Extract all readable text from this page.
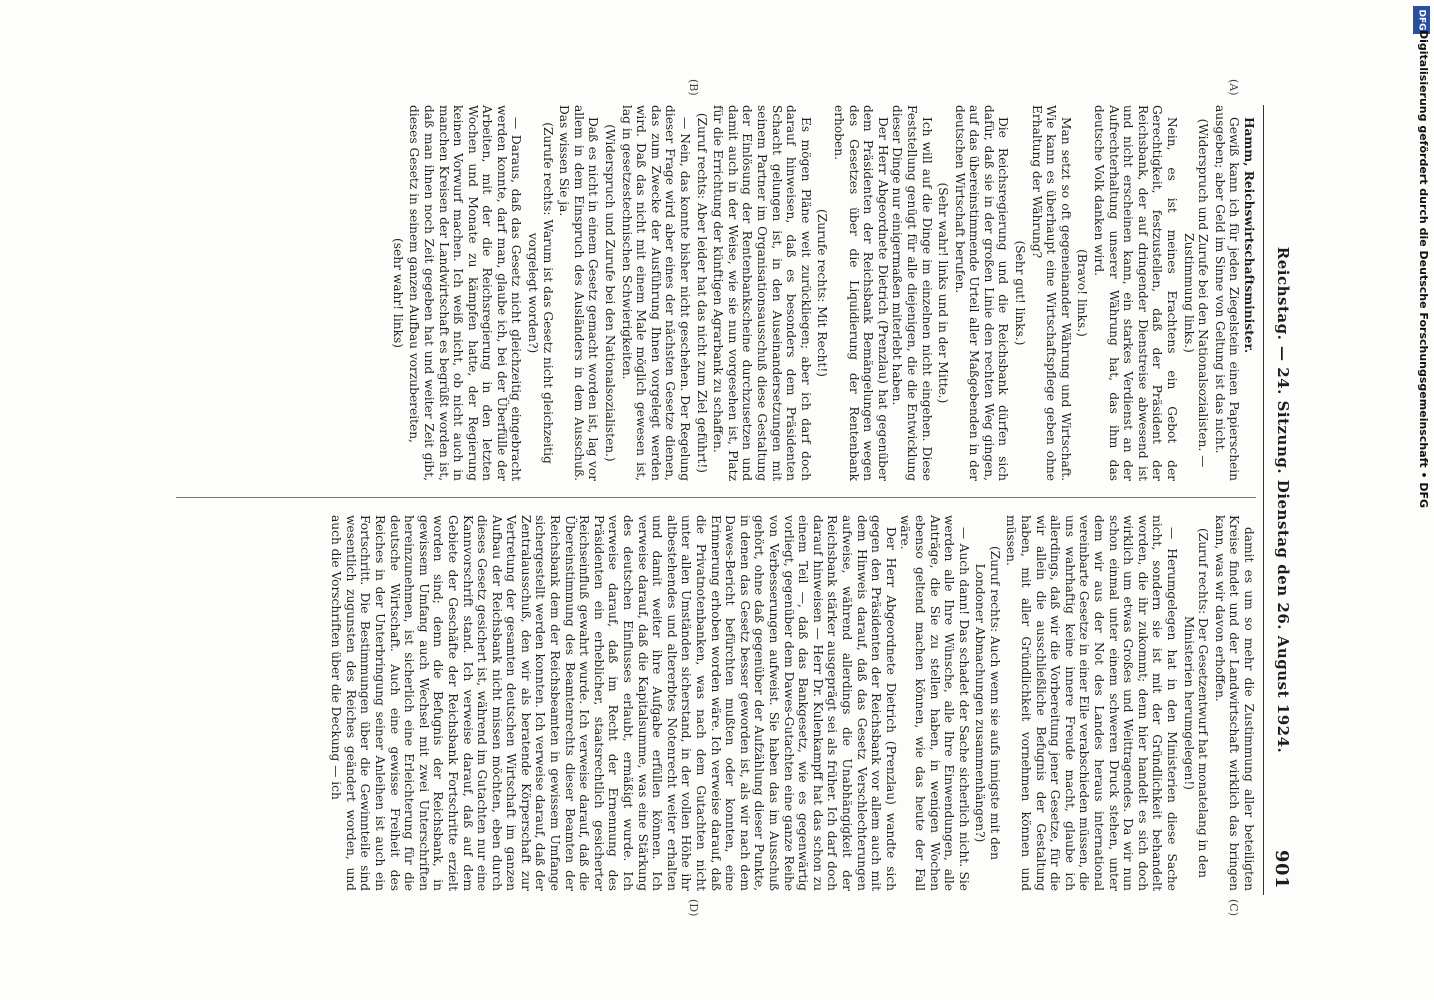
Reichstag. — 24. Sitzung. Dienstag den 26. August 1924.
901
(A)
(B)
(C)
(D)

Hamm, Reichswirtschaftsminister.

Gewiß kann ich für jeden Ziegelstein einen Papierschein ausgeben; aber Geld im Sinne von Geltung ist das nicht.

(Widerspruch und Zurufe bei den Nationalsozialisten. — Zustimmung links.)

Nein, es ist meines Erachtens ein Gebot der Gerechtigkeit, festzustellen, daß der Präsident der Reichsbank, der auf dringender Dienstreise abwesend ist und nicht erscheinen kann, ein starkes Verdienst an der Aufrechterhaltung unserer Währung hat, das ihm das deutsche Volk danken wird.

(Bravo! links.)

Man setzt so oft gegeneinander Währung und Wirtschaft. Wie kann es überhaupt eine Wirtschaftspflege geben ohne Erhaltung der Währung?

(Sehr gut! links.)

Die Reichsregierung und die Reichsbank dürfen sich dafür, daß sie in der großen Linie den rechten Weg gingen, auf das übereinstimmende Urteil aller Maßgebenden in der deutschen Wirtschaft berufen.

(Sehr wahr! links und in der Mitte.)

Ich will auf die Dinge im einzelnen nicht eingehen. Diese Feststellung genügt für alle diejenigen, die die Entwicklung dieser Dinge nur einigermaßen miterlebt haben.

Der Herr Abgeordnete Dietrich (Prenzlau) hat gegenüber dem Präsidenten der Reichsbank Bemängelungen wegen des Gesetzes über die Liquidierung der Rentenbank erhoben.

(Zurufe rechts: Mit Recht!)

Es mögen Pläne weit zurückliegen; aber ich darf doch darauf hinweisen, daß es besonders dem Präsidenten Schacht gelungen ist, in den Auseinandersetzungen mit seinem Partner im Organisationsausschuß diese Gestaltung der Einlösung der Rentenbankscheine durchzusetzen und damit auch in der Weise, wie sie nun vorgesehen ist, Platz für die Errichtung der künftigen Agrarbank zu schaffen.

(Zuruf rechts: Aber leider hat das nicht zum Ziel geführt!)

— Nein, das konnte bisher nicht geschehen. Der Regelung dieser Frage wird aber eines der nächsten Gesetze dienen, das zum Zwecke der Ausführung Ihnen vorgelegt werden wird. Daß das nicht mit einem Male möglich gewesen ist, lag in gesetzestechnischen Schwierigkeiten.

(Widerspruch und Zurufe bei den Nationalsozialisten.)

Daß es nicht in einem Gesetz gemacht worden ist, lag vor allem in dem Einspruch des Ausländers in dem Ausschuß. Das wissen Sie ja.

(Zurufe rechts: Warum ist das Gesetz nicht gleichzeitig vorgelegt worden?)

— Daraus, daß das Gesetz nicht gleichzeitig eingebracht werden konnte, darf man, glaube ich, bei der Überfülle der Arbeiten, mit der die Reichsregierung in den letzten Wochen und Monate zu kämpfen hatte, der Regierung keinen Vorwurf machen. Ich weiß nicht, ob nicht auch in manchen Kreisen der Landwirtschaft es begrüßt worden ist, daß man ihnen noch Zeit gegeben hat und weiter Zeit gibt, dieses Gesetz in seinem ganzen Aufbau vorzubereiten,

(sehr wahr! links)

damit es um so mehr die Zustimmung aller beteiligten Kreise findet und der Landwirtschaft wirklich das bringen kann, was wir davon erhoffen.

(Zuruf rechts: Der Gesetzentwurf hat monatelang in den Ministerien herumgelegen!)

— Herumgelegen hat in den Ministerien diese Sache nicht, sondern sie ist mit der Gründlichkeit behandelt worden, die ihr zukommt; denn hier handelt es sich doch wirklich um etwas Großes und Weittragendes. Da wir nun schon einmal unter einem schweren Druck stehen, unter dem wir aus der Not des Landes heraus international vereinbarte Gesetze in einer Eile verabschieden müssen, die uns wahrhaftig keine innere Freude macht, glaube ich allerdings, daß wir die Vorbereitung jener Gesetze, für die wir allein die ausschließliche Befugnis der Gestaltung haben, mit aller Gründlichkeit vornehmen können und müssen.

(Zuruf rechts: Auch wenn sie aufs innigste mit den Londoner Abmachungen zusammenhängen?)

— Auch dann! Das schadet der Sache sicherlich nicht. Sie werden alle Ihre Wünsche, alle Ihre Einwendungen, alle Anträge, die Sie zu stellen haben, in wenigen Wochen ebenso geltend machen können, wie das heute der Fall wäre.

Der Herr Abgeordnete Dietrich (Prenzlau) wandte sich gegen den Präsidenten der Reichsbank vor allem auch mit dem Hinweis darauf, daß das Gesetz Verschlechterungen aufweise, während allerdings die Unabhängigkeit der Reichsbank stärker ausgeprägt sei als früher. Ich darf doch darauf hinweisen — Herr Dr. Kulenkampff hat das schon zu einem Teil —, daß das Bankgesetz, wie es gegenwärtig vorliegt, gegenüber dem Dawes-Gutachten eine ganze Reihe von Verbesserungen aufweist. Sie haben das im Ausschuß gehört, ohne daß gegenüber der Aufzählung dieser Punkte, in denen das Gesetz besser geworden ist, als wir nach dem Dawes-Bericht befürchten mußten oder konnten, eine Erinnerung erhoben worden wäre. Ich verweise darauf, daß die Privatnotenbanken, was nach dem Gutachten nicht unter allen Umständen sicherstand, in der vollen Höhe ihr altbestehendes und altererbtes Notenrecht weiter erhalten und damit weiter ihre Aufgabe erfüllen können. Ich verweise darauf, daß die Kapitalsumme, was eine Stärkung des deutschen Einflusses erlaubt, ermäßigt wurde. Ich verweise darauf, daß im Recht der Ernennung des Präsidenten ein erheblicher, staatsrechtlich gesicherter Reichseinfluß gewahrt wurde. Ich verweise darauf, daß die Übereinstimmung des Beamtenrechts dieser Beamten der Reichsbank dem der Reichsbeamten in gewissem Umfange sichergestellt werden konnten. Ich verweise darauf, daß der Zentralausschuß, den wir als beratende Körperschaft zur Vertretung der gesamten deutschen Wirtschaft im ganzen Aufbau der Reichsbank nicht missen möchten, eben durch dieses Gesetz gesichert ist, während im Gutachten nur eine Kannvorschrift stand. Ich verweise darauf, daß auf dem Gebiete der Geschäfte der Reichsbank Fortschritte erzielt worden sind; denn die Befugnis der Reichsbank, in gewissem Umfang auch Wechsel mit zwei Unterschriften hereinzunehmen, ist sicherlich eine Erleichterung für die deutsche Wirtschaft. Auch eine gewisse Freiheit des Reiches in der Unterbringung seiner Anleihen ist auch ein Fortschritt. Die Bestimmungen über die Gewinnteile sind wesentlich zugunsten des Reiches geändert worden, und auch die Vorschriften über die Deckung — ich

DFG
Digitalisierung gefördert durch die Deutsche Forschungsgemeinschaft • DFG
